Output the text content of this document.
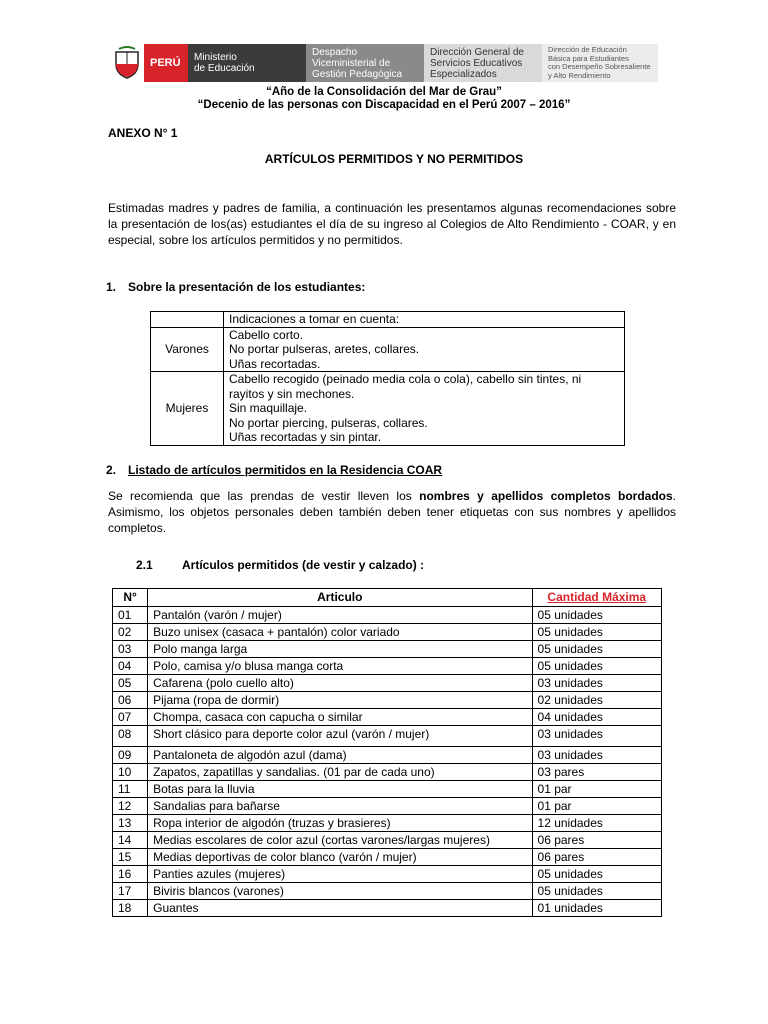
PERÚ Ministerio
de Educación
Despacho
Viceministerial de
Gestión Pedagógica
Dirección General de
Servicios Educativos
Especializados
Dirección de Educación
Básica para Estudiantes
con Desempeño Sobresaliente
y Alto Rendimiento
“Año de la Consolidación del Mar de Grau”
“Decenio de las personas con Discapacidad en el Perú 2007 – 2016”
ANEXO N° 1
ARTÍCULOS PERMITIDOS Y NO PERMITIDOS
Estimadas madres y padres de familia, a continuación les presentamos algunas recomendaciones sobre la presentación de los(as) estudiantes el día de su ingreso al Colegios de Alto Rendimiento - COAR, y en especial, sobre los artículos permitidos y no permitidos.
1. Sobre la presentación de los estudiantes:
	Indicaciones a tomar en cuenta:
Varones	Cabello corto.
No portar pulseras, aretes, collares.
Uñas recortadas.

Mujeres	Cabello recogido (peinado media cola o cola), cabello sin tintes, ni rayitos y sin mechones.
Sin maquillaje.
No portar piercing, pulseras, collares.
Uñas recortadas y sin pintar.
2. Listado de artículos permitidos en la Residencia COAR
Se recomienda que las prendas de vestir lleven los nombres y apellidos completos bordados. Asimismo, los objetos personales deben también deben tener etiquetas con sus nombres y apellidos completos.
2.1 Artículos permitidos (de vestir y calzado) :
N°	Articulo	Cantidad Máxima
01	Pantalón (varón / mujer)	05 unidades
02	Buzo unisex (casaca + pantalón) color variado	05 unidades
03	Polo manga larga	05 unidades
04	Polo, camisa y/o blusa manga corta	05 unidades
05	Cafarena (polo cuello alto)	03 unidades
06	Pijama (ropa de dormir)	02 unidades
07	Chompa, casaca con capucha o similar	04 unidades
08	Short clásico para deporte color azul (varón / mujer)	03 unidades
09	Pantaloneta de algodón azul (dama)	03 unidades
10	Zapatos, zapatillas y sandalias. (01 par de cada uno)	03 pares
11	Botas para la lluvia	01 par
12	Sandalias para bañarse	01 par
13	Ropa interior de algodón (truzas y brasieres)	12 unidades
14	Medias escolares de color azul (cortas varones/largas mujeres)	06 pares
15	Medias deportivas de color blanco (varón / mujer)	06 pares
16	Panties azules (mujeres)	05 unidades
17	Biviris blancos (varones)	05 unidades
18	Guantes	01 unidades
